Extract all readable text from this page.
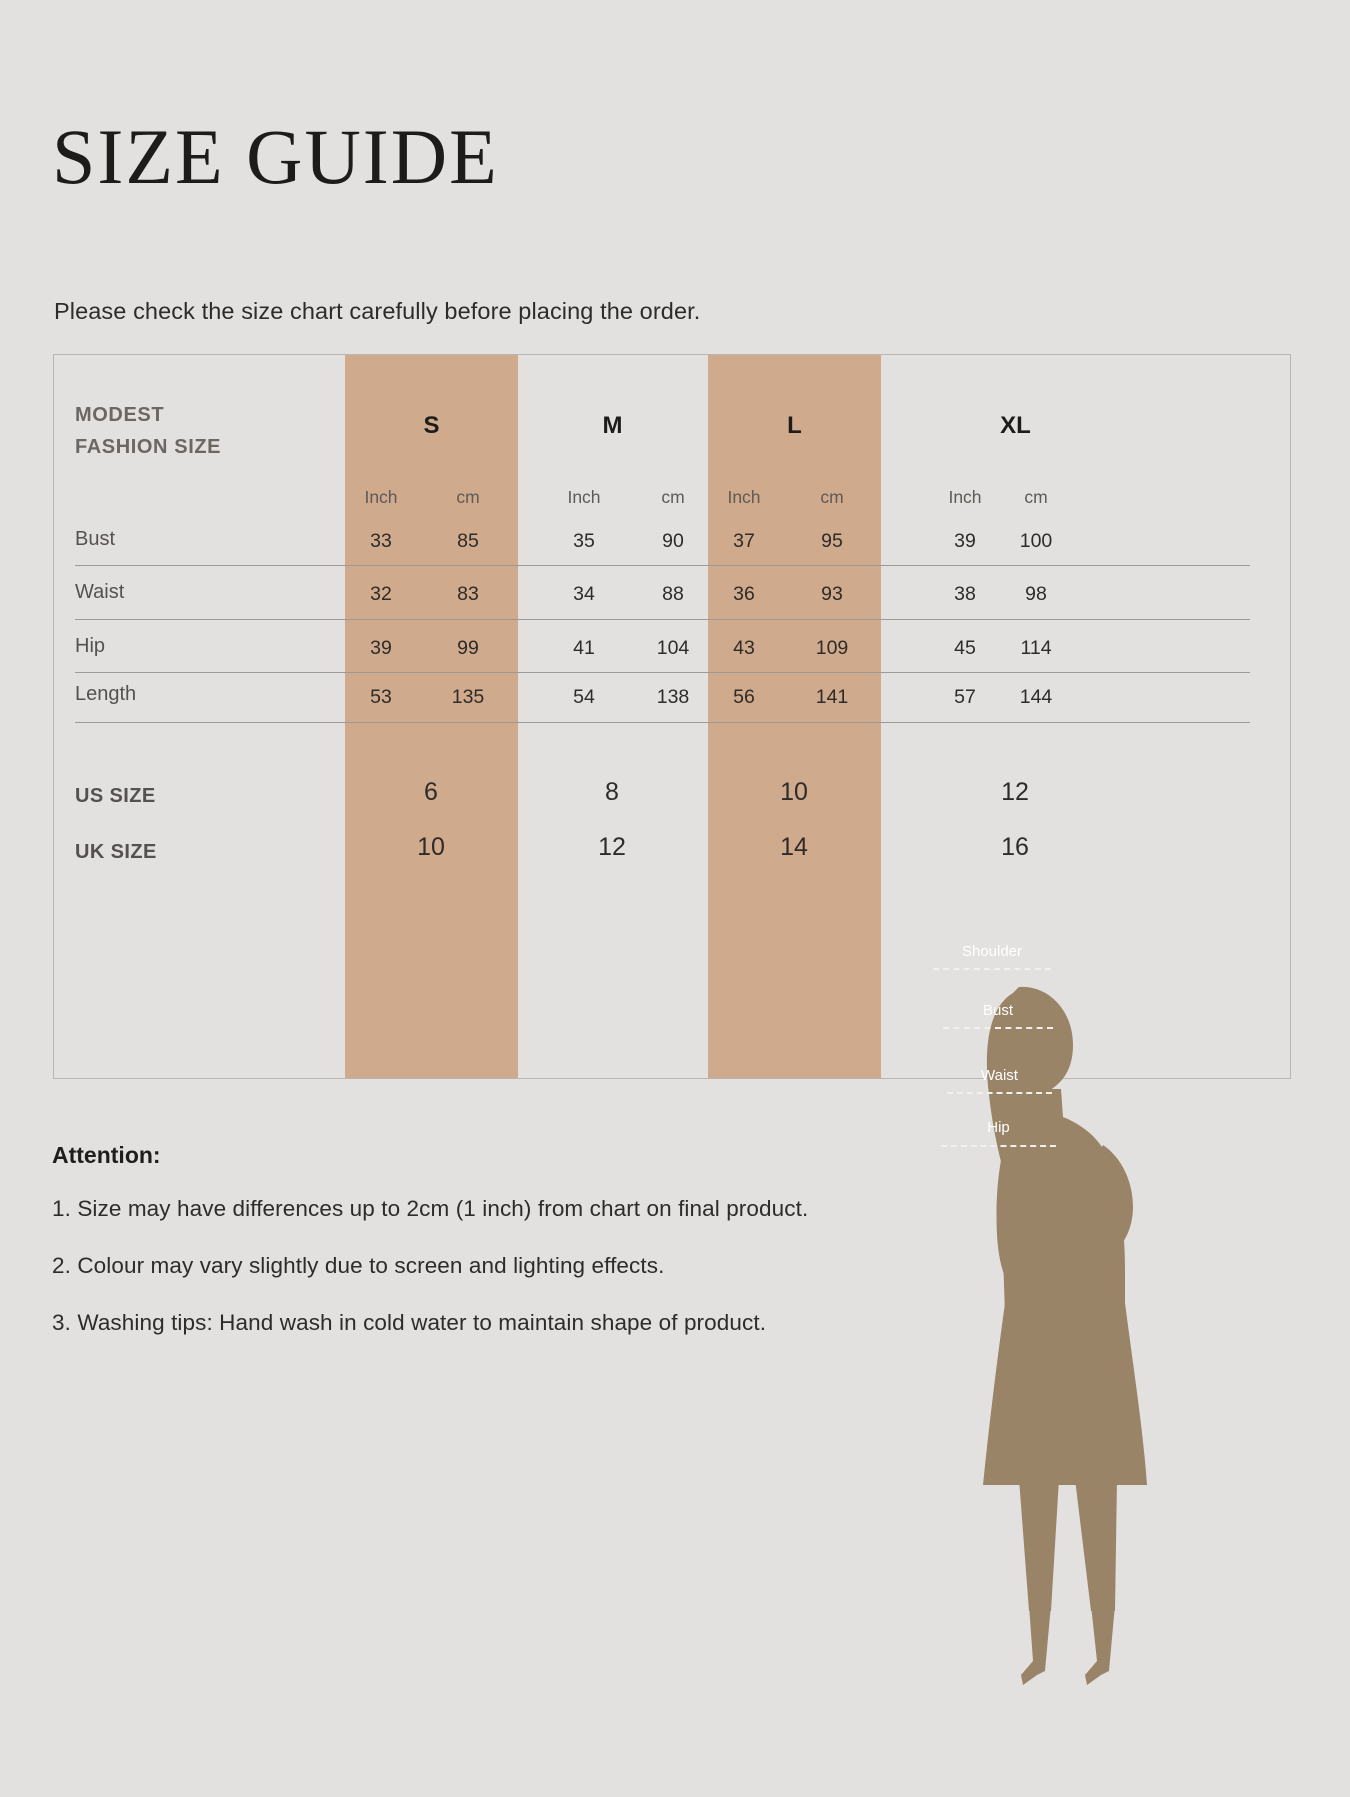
SIZE GUIDE
Please check the size chart carefully before placing the order.
MODEST
FASHION SIZE
S	M	L	XL
Inch	cm	Inch	cm	Inch	cm	Inch	cm
Bust	33	85	35	90	37	95	39	100
Waist	32	83	34	88	36	93	38	98
Hip	39	99	41	104	43	109	45	114
Length	53	135	54	138	56	141	57	144
US SIZE	6	8	10	12
UK SIZE	10	12	14	16
Attention:
1. Size may have differences up to 2cm (1 inch) from chart on final product.
2. Colour may vary slightly due to screen and lighting effects.
3. Washing tips: Hand wash in cold water to maintain shape of product.
Shoulder
Bust
Waist
Hip
